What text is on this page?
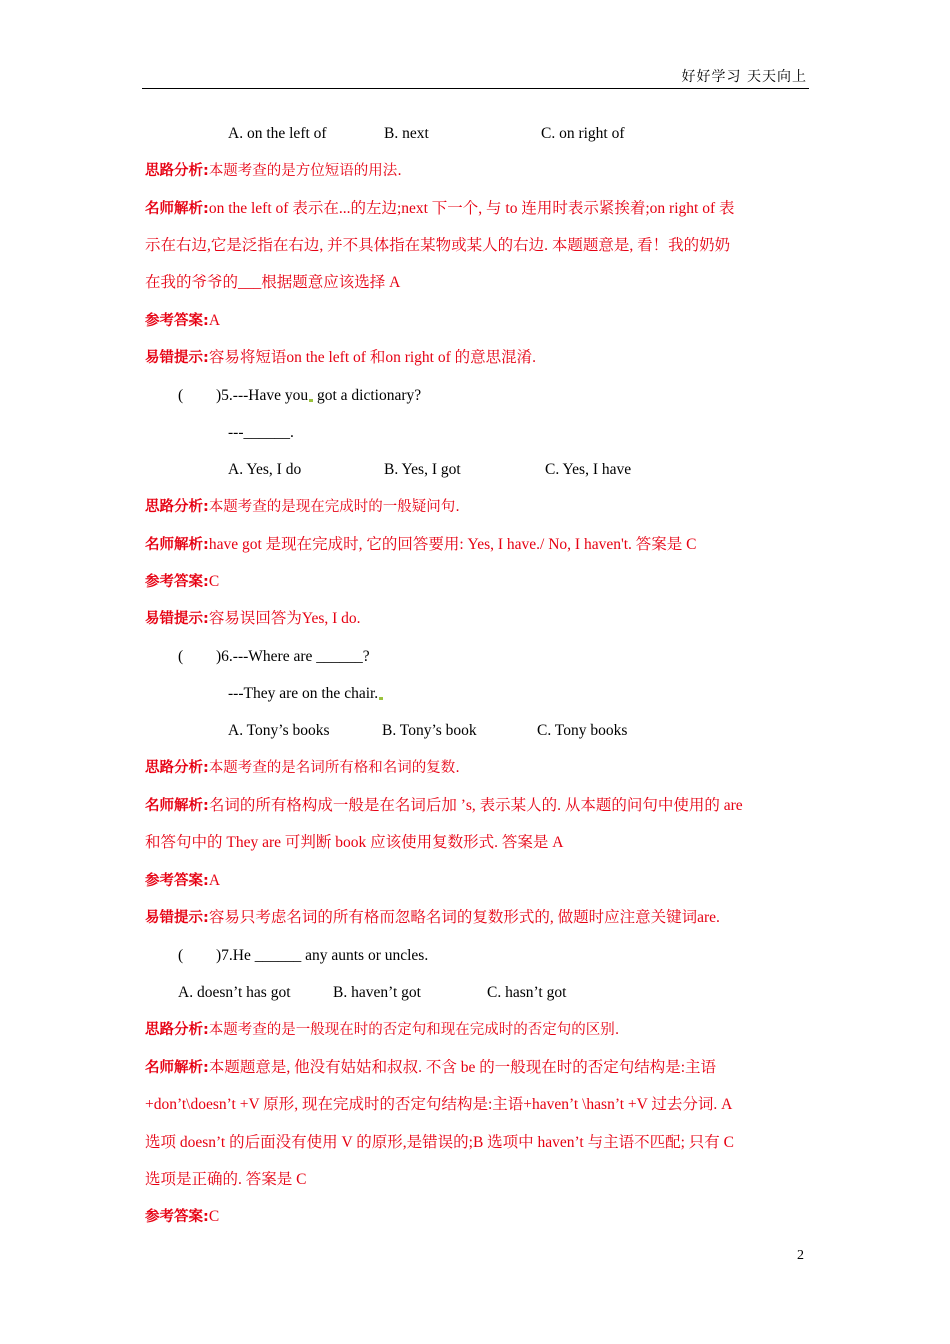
好好学习 天天向上
A. on the left of	B. next	C. on right of
思路分析:本题考查的是方位短语的用法.
名师解析:on the left of 表示在...的左边;next 下一个, 与 to 连用时表示紧挨着;on right of 表
示在右边,它是泛指在右边, 并不具体指在某物或某人的右边. 本题题意是, 看！我的奶奶
在我的爷爷的___根据题意应该选择 A
参考答案:A
易错提示:容易将短语on the left of 和on right of 的意思混淆.
( )5.---Have you got a dictionary?
---______.
A. Yes, I do	B. Yes, I got	C. Yes, I have
思路分析:本题考查的是现在完成时的一般疑问句.
名师解析:have got 是现在完成时, 它的回答要用: Yes, I have./ No, I haven't. 答案是 C
参考答案:C
易错提示:容易误回答为Yes, I do.
( )6.---Where are ______?
---They are on the chair.
A. Tony’s books	B. Tony’s book	C. Tony books
思路分析:本题考查的是名词所有格和名词的复数.
名师解析:名词的所有格构成一般是在名词后加 ’s, 表示某人的. 从本题的问句中使用的 are
和答句中的 They are 可判断 book 应该使用复数形式. 答案是 A
参考答案:A
易错提示:容易只考虑名词的所有格而忽略名词的复数形式的, 做题时应注意关键词are.
( )7.He ______ any aunts or uncles.
A. doesn’t has got	B. haven’t got	C. hasn’t got
思路分析:本题考查的是一般现在时的否定句和现在完成时的否定句的区别.
名师解析:本题题意是, 他没有姑姑和叔叔. 不含 be 的一般现在时的否定句结构是:主语
+don’t\doesn’t +V 原形, 现在完成时的否定句结构是:主语+haven’t \hasn’t +V 过去分词. A
选项 doesn’t 的后面没有使用 V 的原形,是错误的;B 选项中 haven’t 与主语不匹配; 只有 C
选项是正确的. 答案是 C
参考答案:C
2
